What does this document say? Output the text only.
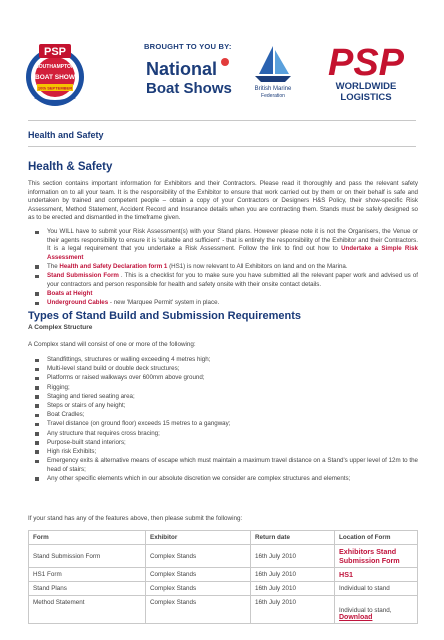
PSP
SOUTHAMPTON
BOAT SHOW
10th SEPTEMBER
BROUGHT TO YOU BY:
National
Boat Shows	British Marine
Federation
PSP
WORLDWIDE
LOGISTICS
Health and Safety
Health & Safety
This section contains important information for Exhibitors and their Contractors. Please read it thoroughly and pass the relevant safety information on to all your team. It is the responsibility of the Exhibitor to ensure that work carried out by them or on their behalf is safe and undertaken by trained and competent people – obtain a copy of your Contractors or Designers H&S Policy, their show-specific Risk Assessment, Method Statement, Accident Record and Insurance details when you are contracting them. Stands must be safely designed so as to be erected and dismantled in the timeframe given.
You WILL have to submit your Risk Assessment(s) with your Stand plans. However please note it is not the Organisers, the Venue or their agents responsibility to ensure it is 'suitable and sufficient' - that is entirely the responsibility of the Exhibitor and their Contractors. It is a legal requirement that you undertake a Risk Assessment. Follow the link to find out how to Undertake a Simple Risk Assessment
The Health and Safety Declaration form 1 (HS1) is now relevant to All Exhibitors on land and on the Marina.
Stand Submission Form . This is a checklist for you to make sure you have submitted all the relevant paper work and advised us of your contractors and person responsible for health and safety onsite with their onsite contact details.
Boats at Height
Underground Cables - new 'Marquee Permit' system in place.
Types of Stand Build and Submission Requirements
A Complex Structure
A Complex stand will consist of one or more of the following:
Standfittings, structures or walling exceeding 4 metres high;
Multi-level stand build or double deck structures;
Platforms or raised walkways over 600mm above ground;
Rigging;
Staging and tiered seating area;
Steps or stairs of any height;
Boat Cradles;
Travel distance (on ground floor) exceeds 15 metres to a gangway;
Any structure that requires cross bracing;
Purpose-built stand interiors;
High risk Exhibits;
Emergency exits & alternative means of escape which must maintain a maximum travel distance on a Stand's upper level of 12m to the head of stairs;
Any other specific elements which in our absolute discretion we consider are complex structures and elements;
If your stand has any of the features above, then please submit the following:
Form	Exhibitor	Return date	Location of Form
Stand Submission Form	Complex Stands	16th July 2010	Exhibitors Stand Submission Form
HS1 Form	Complex Stands	16th July 2010	HS1
Stand Plans	Complex Stands	16th July 2010	Individual to stand
Method Statement	Complex Stands	16th July 2010	Individual to stand, Download
